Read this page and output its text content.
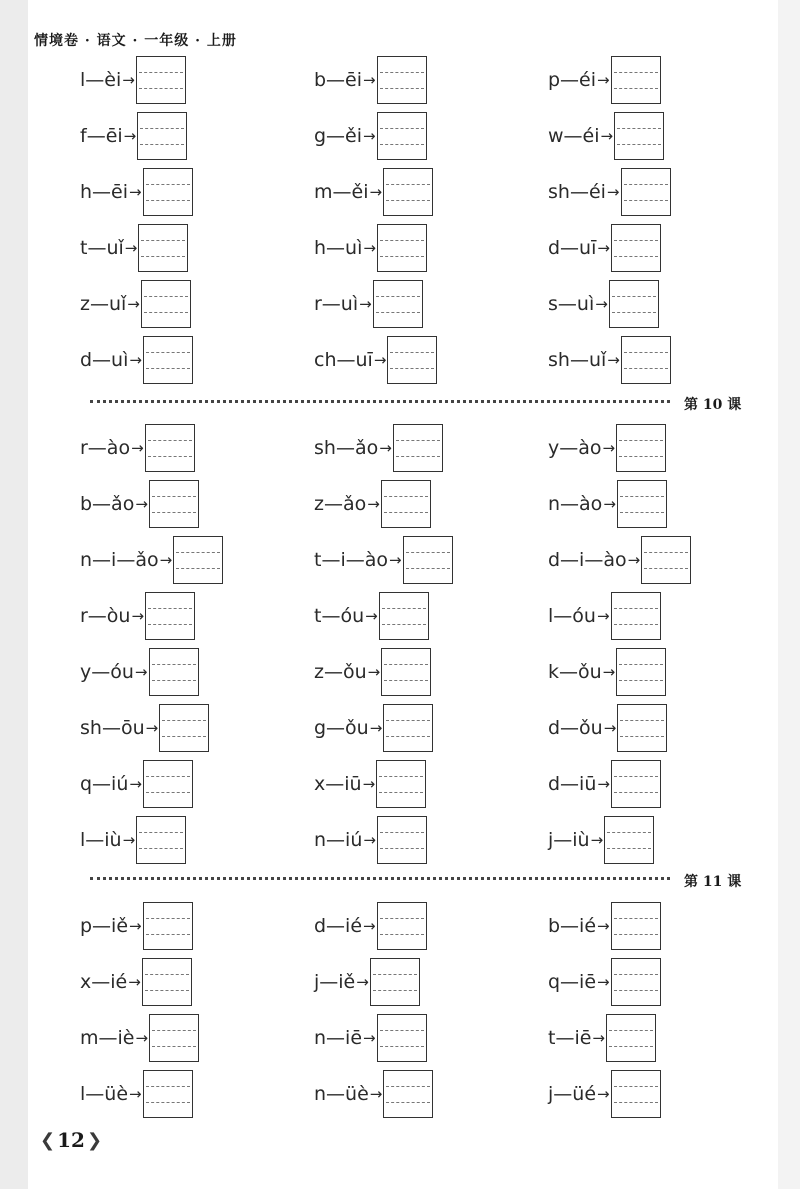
情境卷 · 语文 · 一年级 · 上册
l—èi →	b—ēi →	p—éi →
f—ēi →	g—ěi →	w—éi →
h—ēi →	m—ěi →	sh—éi →
t—uǐ →	h—uì →	d—uī →
z—uǐ →	r—uì →	s—uì →
d—uì →	ch—uī →	sh—uǐ →
第 10 课
r—ào →	sh—ǎo →	y—ào →
b—ǎo →	z—ǎo →	n—ào →
n—i—ǎo →	t—i—ào →	d—i—ào →
r—òu →	t—óu →	l—óu →
y—óu →	z—ǒu →	k—ǒu →
sh—ōu →	g—ǒu →	d—ǒu →
q—iú →	x—iū →	d—iū →
l—iù →	n—iú →	j—iù →
第 11 课
p—iě →	d—ié →	b—ié →
x—ié →	j—iě →	q—iē →
m—iè →	n—iē →	t—iē →
l—üè →	n—üè →	j—üé →
❮ 12 ❯
